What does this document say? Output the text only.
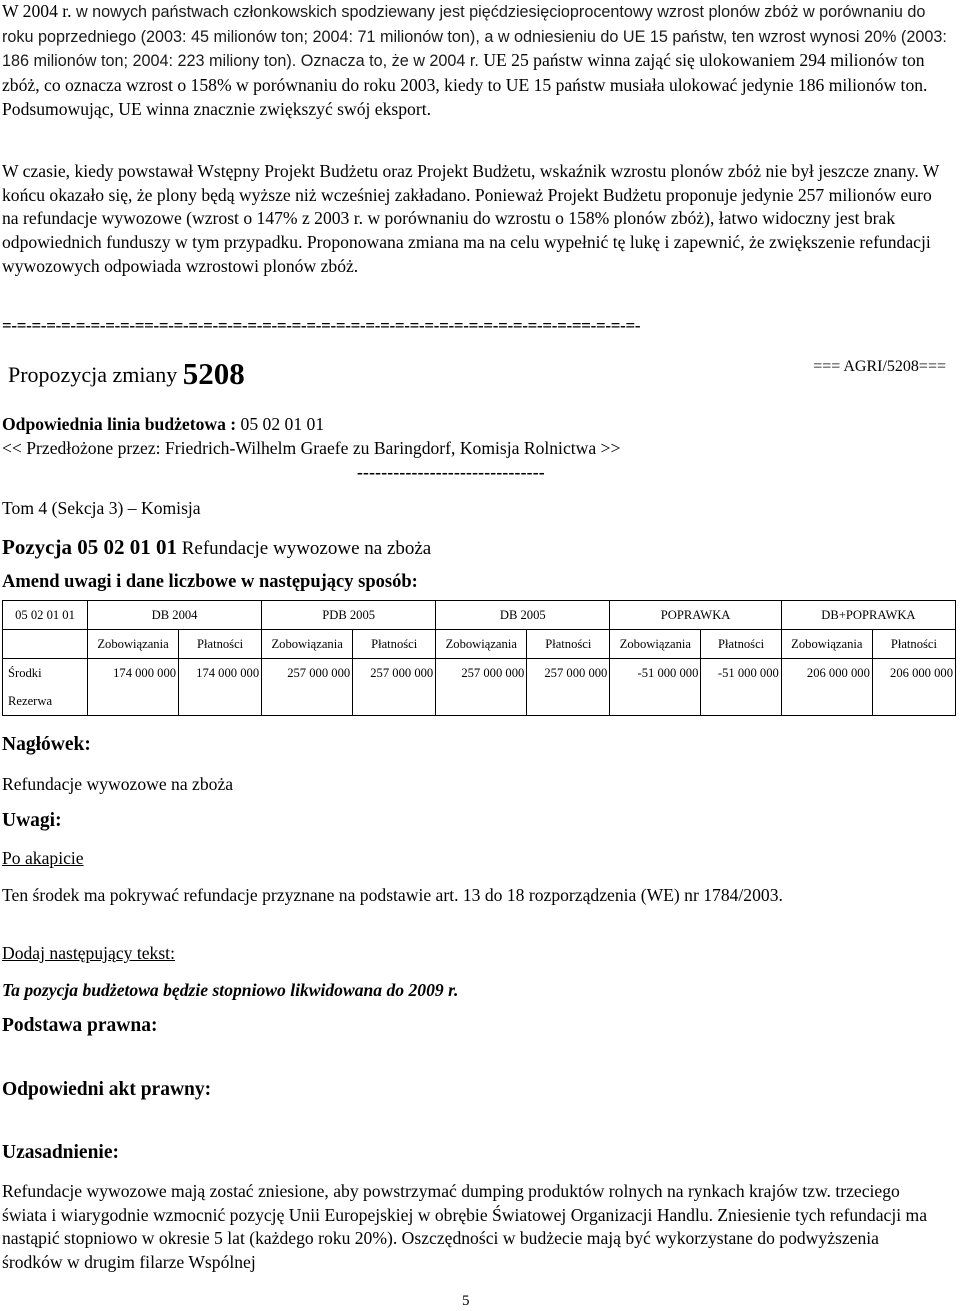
W 2004 r. w nowych państwach członkowskich spodziewany jest pięćdziesięcioprocentowy wzrost plonów zbóż w porównaniu do roku poprzedniego (2003: 45 milionów ton; 2004: 71 milionów ton), a w odniesieniu do UE 15 państw, ten wzrost wynosi 20% (2003: 186 milionów ton; 2004: 223 miliony ton). Oznacza to, że w 2004 r. UE 25 państw winna zająć się ulokowaniem 294 milionów ton zbóż, co oznacza wzrost o 158% w porównaniu do roku 2003, kiedy to UE 15 państw musiała ulokować jedynie 186 milionów ton. Podsumowując, UE winna znacznie zwiększyć swój eksport.

W czasie, kiedy powstawał Wstępny Projekt Budżetu oraz Projekt Budżetu, wskaźnik wzrostu plonów zbóż nie był jeszcze znany. W końcu okazało się, że plony będą wyższe niż wcześniej zakładano. Ponieważ Projekt Budżetu proponuje jedynie 257 milionów euro na refundacje wywozowe (wzrost o 147% z 2003 r. w porównaniu do wzrostu o 158% plonów zbóż), łatwo widoczny jest brak odpowiednich funduszy w tym przypadku. Proponowana zmiana ma na celu wypełnić tę lukę i zapewnić, że zwiększenie refundacji wywozowych odpowiada wzrostowi plonów zbóż.

=-=-=-=-=-=-=-=-=-==-=-=-=-=-=-=-=-=-=-=-=-=-=-=-=-=-=-=-=-=-=-=-=-=-=-=-=-=-==-=-=-=-
Propozycja zmiany 5208	=== AGRI/5208===
Odpowiednia linia budżetowa : 05 02 01 01
<< Przedłożone przez: Friedrich-Wilhelm Graefe zu Baringdorf, Komisja Rolnictwa >>
-------------------------------
Tom 4 (Sekcja 3) – Komisja
Pozycja 05 02 01 01 Refundacje wywozowe na zboża
Amend uwagi i dane liczbowe w następujący sposób:
05 02 01 01	DB 2004		PDB 2005		DB 2005		POPRAWKA		DB+POPRAWKA	
	Zobowiązania	Płatności	Zobowiązania	Płatności	Zobowiązania	Płatności	Zobowiązania	Płatności	Zobowiązania	Płatności

Środki
Rezerwa	174 000 000	174 000 000	257 000 000	257 000 000	257 000 000	257 000 000	-51 000 000	-51 000 000	206 000 000	206 000 000

Nagłówek:
Refundacje wywozowe na zboża
Uwagi:
Po akapicie

Ten środek ma pokrywać refundacje przyznane na podstawie art. 13 do 18 rozporządzenia (WE) nr 1784/2003.

Dodaj następujący tekst:
Ta pozycja budżetowa będzie stopniowo likwidowana do 2009 r.
Podstawa prawna:
Odpowiedni akt prawny:
Uzasadnienie:

Refundacje wywozowe mają zostać zniesione, aby powstrzymać dumping produktów rolnych na rynkach krajów tzw. trzeciego świata i wiarygodnie wzmocnić pozycję Unii Europejskiej w obrębie Światowej Organizacji Handlu. Zniesienie tych refundacji ma nastąpić stopniowo w okresie 5 lat (każdego roku 20%). Oszczędności w budżecie mają być wykorzystane do podwyższenia środków w drugim filarze Wspólnej

5
